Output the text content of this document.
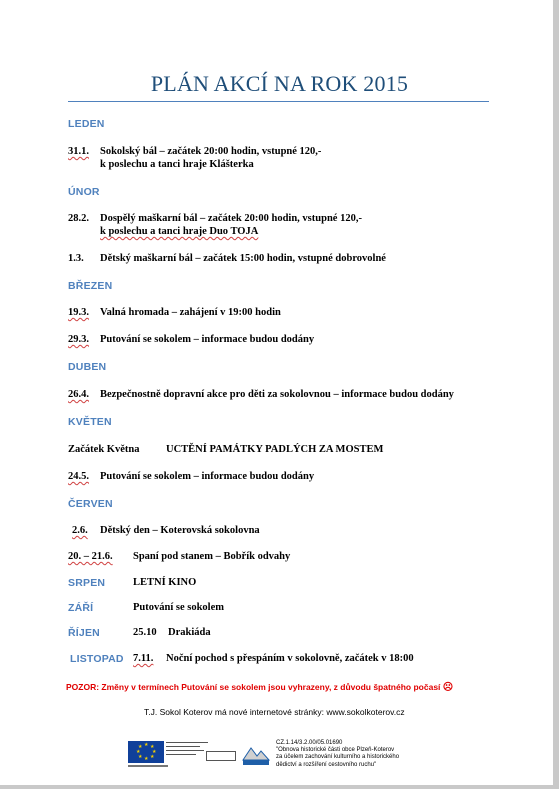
PLÁN AKCÍ NA ROK 2015
LEDEN
31.1. Sokolský bál – začátek 20:00 hodin, vstupné 120,-
k poslechu a tanci hraje Klášterka
ÚNOR
28.2. Dospělý maškarní bál – začátek 20:00 hodin, vstupné 120,-
k poslechu a tanci hraje Duo TOJA
1.3. Dětský maškarní bál – začátek 15:00 hodin, vstupné dobrovolné
BŘEZEN
19.3. Valná hromada – zahájení v 19:00 hodin
29.3. Putování se sokolem – informace budou dodány
DUBEN
26.4. Bezpečnostně dopravní akce pro děti za sokolovnou – informace budou dodány
KVĚTEN
Začátek Května	UCTĚNÍ PAMÁTKY PADLÝCH ZA MOSTEM
24.5. Putování se sokolem – informace budou dodány
ČERVEN
2.6. Dětský den – Koterovská sokolovna
20. – 21.6. Spaní pod stanem – Bobřík odvahy
SRPEN	LETNÍ KINO
ZÁŘÍ	Putování se sokolem
ŘÍJEN	25.10 Drakiáda
LISTOPAD 7.11. Noční pochod s přespáním v sokolovně, začátek v 18:00
POZOR: Změny v termínech Putování se sokolem jsou vyhrazeny, z důvodu špatného počasí ☹
T.J. Sokol Koterov má nové internetové stránky: www.sokolkoterov.cz
★ ★
★
★
★
★
★
★
CZ.1.14/3.2.00/05.01690
"Obnova historické části obce Plzeň-Koterov
za účelem zachování kulturního a historického
dědictví a rozšíření cestovního ruchu"
ROP
